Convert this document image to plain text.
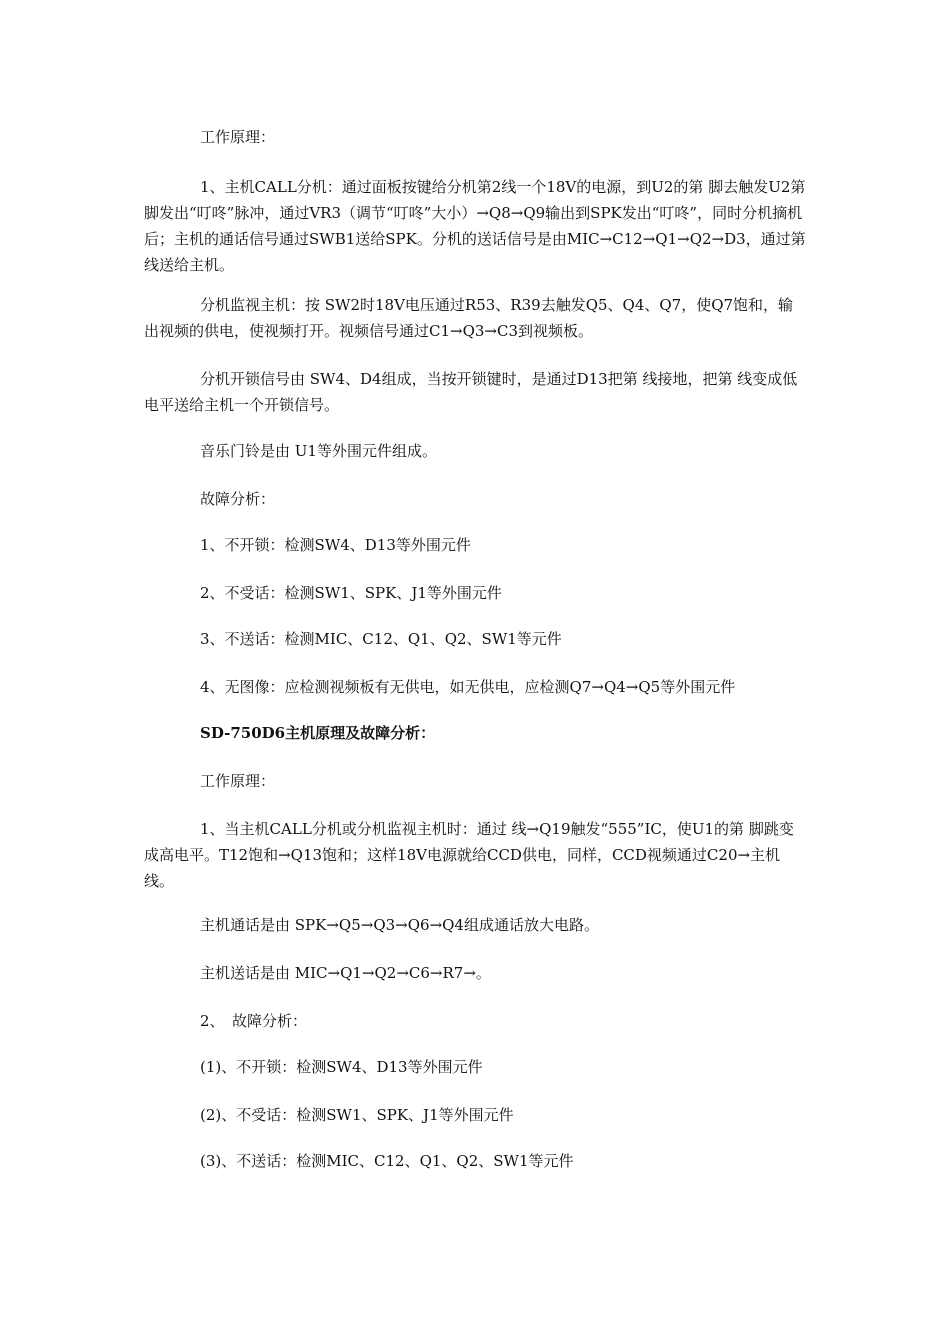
工作原理：

1、主机CALL分机：通过面板按键给分机第2线一个18V的电源，到U2的第 脚去触发U2第 脚发出“叮咚”脉冲，通过VR3（调节“叮咚”大小）→Q8→Q9输出到SPK发出“叮咚”，同时分机摘机后；主机的通话信号通过SWB1送给SPK。分机的送话信号是由MIC→C12→Q1→Q2→D3，通过第 线送给主机。

分机监视主机：按 SW2时18V电压通过R53、R39去触发Q5、Q4、Q7，使Q7饱和，输出视频的供电，使视频打开。视频信号通过C1→Q3→C3到视频板。

分机开锁信号由 SW4、D4组成，当按开锁键时，是通过D13把第 线接地，把第 线变成低电平送给主机一个开锁信号。

音乐门铃是由 U1等外围元件组成。

故障分析：

1、不开锁：检测SW4、D13等外围元件

2、不受话：检测SW1、SPK、J1等外围元件

3、不送话：检测MIC、C12、Q1、Q2、SW1等元件

4、无图像：应检测视频板有无供电，如无供电，应检测Q7→Q4→Q5等外围元件

SD-750D6主机原理及故障分析：

工作原理：

1、当主机CALL分机或分机监视主机时：通过 线→Q19触发“555”IC，使U1的第 脚跳变成高电平。T12饱和→Q13饱和；这样18V电源就给CCD供电，同样，CCD视频通过C20→主机 线。

主机通话是由 SPK→Q5→Q3→Q6→Q4组成通话放大电路。

主机送话是由 MIC→Q1→Q2→C6→R7→。

2、　故障分析：

(1)、不开锁：检测SW4、D13等外围元件

(2)、不受话：检测SW1、SPK、J1等外围元件

(3)、不送话：检测MIC、C12、Q1、Q2、SW1等元件
